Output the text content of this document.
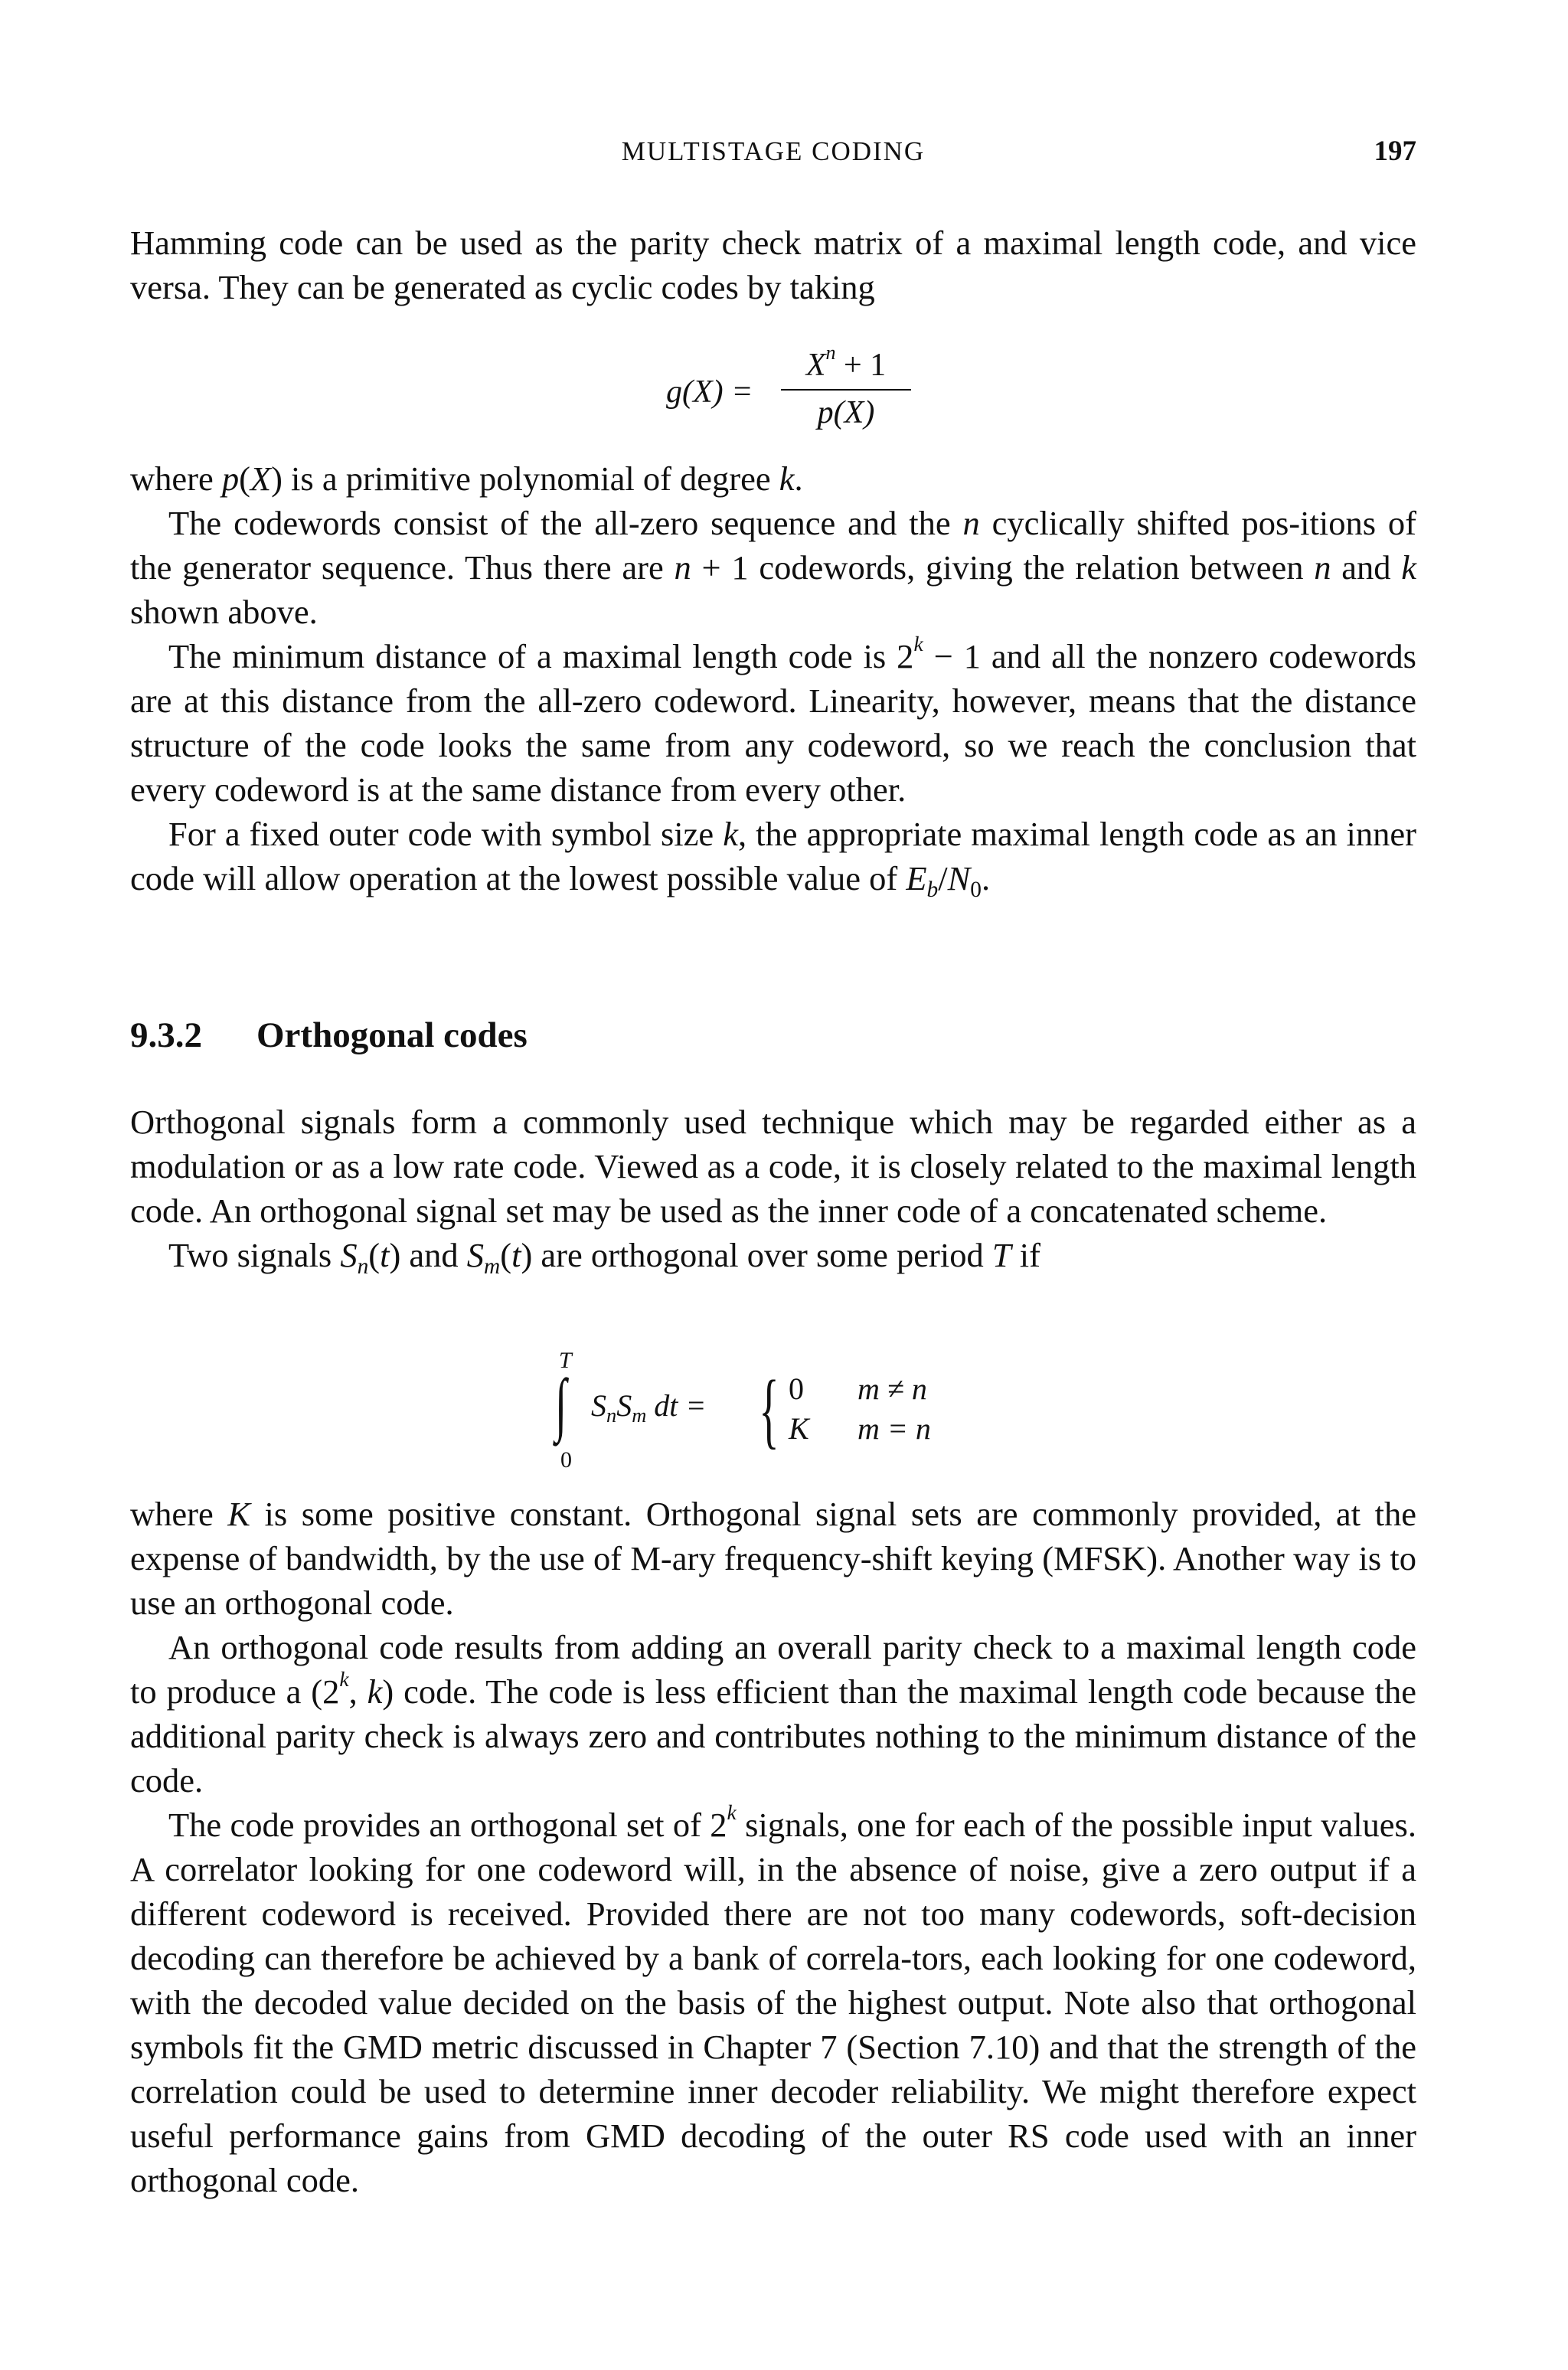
MULTISTAGE CODING	197

Hamming code can be used as the parity check matrix of a maximal length code, and vice versa. They can be generated as cyclic codes by taking

g(X) =
$X^n + 1$
p(X)

where p(X) is a primitive polynomial of degree k.

The codewords consist of the all-zero sequence and the n cyclically shifted pos-itions of the generator sequence. Thus there are n + 1 codewords, giving the relation between n and k shown above.

The minimum distance of a maximal length code is $2^k - 1$ and all the nonzero codewords are at this distance from the all-zero codeword. Linearity, however, means that the distance structure of the code looks the same from any codeword, so we reach the conclusion that every codeword is at the same distance from every other.

For a fixed outer code with symbol size k, the appropriate maximal length code as an inner code will allow operation at the lowest possible value of $E_b/N_0$.

9.3.2 Orthogonal codes

Orthogonal signals form a commonly used technique which may be regarded either as a modulation or as a low rate code. Viewed as a code, it is closely related to the maximal length code. An orthogonal signal set may be used as the inner code of a concatenated scheme.

Two signals $S_n(t)$ and $S_m(t)$ are orthogonal over some period T if

T
∫
0
$S_nS_m$ dt = { 0 m ≠ n
K m = n

where K is some positive constant. Orthogonal signal sets are commonly provided, at the expense of bandwidth, by the use of M-ary frequency-shift keying (MFSK). Another way is to use an orthogonal code.

An orthogonal code results from adding an overall parity check to a maximal length code to produce a (2$^k$, k) code. The code is less efficient than the maximal length code because the additional parity check is always zero and contributes nothing to the minimum distance of the code.

The code provides an orthogonal set of 2$^k$ signals, one for each of the possible input values. A correlator looking for one codeword will, in the absence of noise, give a zero output if a different codeword is received. Provided there are not too many codewords, soft-decision decoding can therefore be achieved by a bank of correla-tors, each looking for one codeword, with the decoded value decided on the basis of the highest output. Note also that orthogonal symbols fit the GMD metric discussed in Chapter 7 (Section 7.10) and that the strength of the correlation could be used to determine inner decoder reliability. We might therefore expect useful performance gains from GMD decoding of the outer RS code used with an inner orthogonal code.
